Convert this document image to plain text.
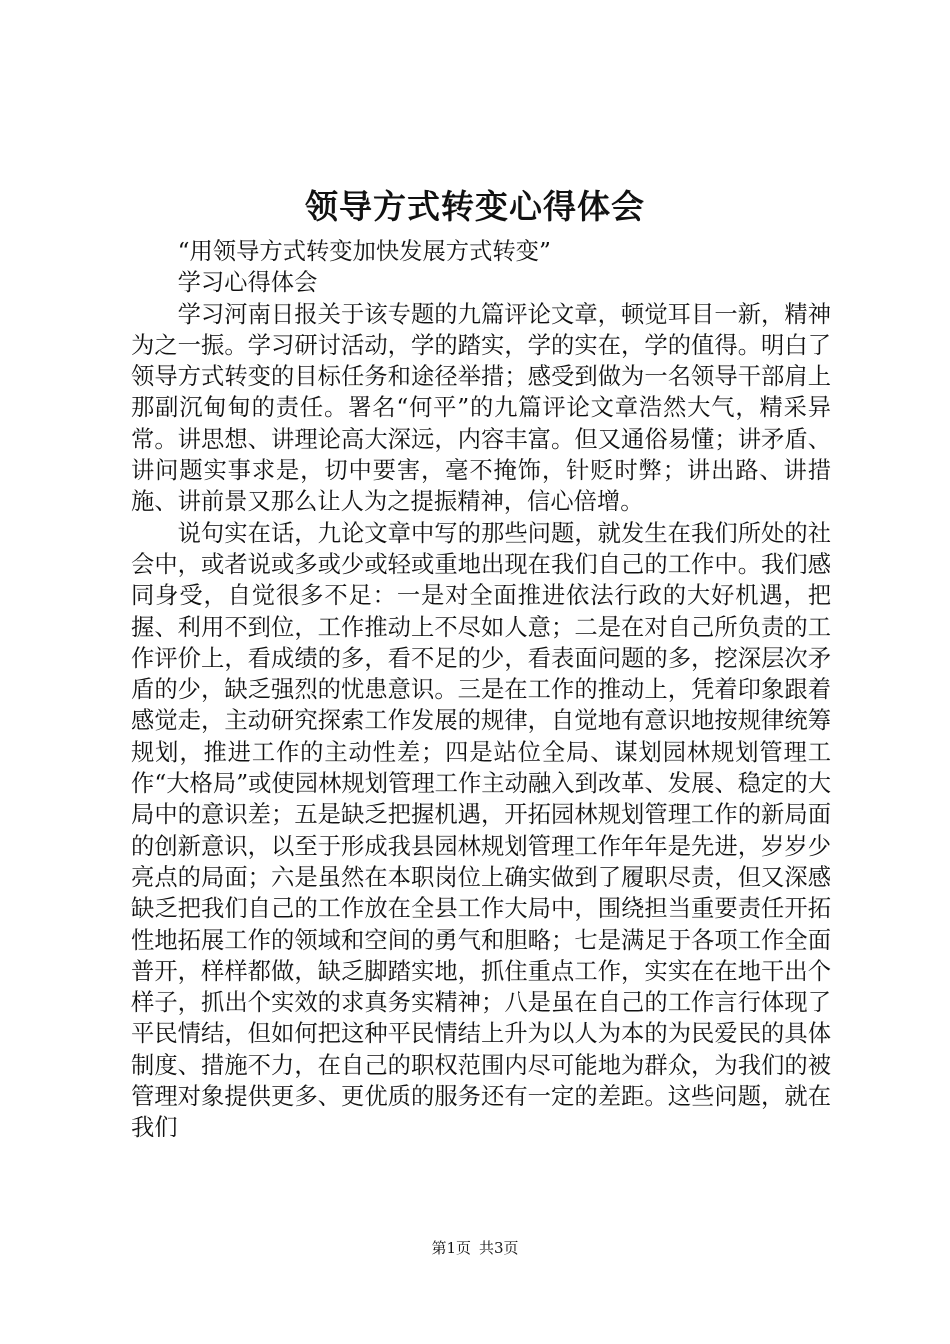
领导方式转变心得体会

“用领导方式转变加快发展方式转变”

学习心得体会

学习河南日报关于该专题的九篇评论文章，顿觉耳目一新，精神为之一振。学习研讨活动，学的踏实，学的实在，学的值得。明白了领导方式转变的目标任务和途径举措；感受到做为一名领导干部肩上那副沉甸甸的责任。署名“何平”的九篇评论文章浩然大气，精采异常。讲思想、讲理论高大深远，内容丰富。但又通俗易懂；讲矛盾、讲问题实事求是，切中要害，毫不掩饰，针贬时弊；讲出路、讲措施、讲前景又那么让人为之提振精神，信心倍增。

说句实在话，九论文章中写的那些问题，就发生在我们所处的社会中，或者说或多或少或轻或重地出现在我们自己的工作中。我们感同身受，自觉很多不足：一是对全面推进依法行政的大好机遇，把握、利用不到位，工作推动上不尽如人意；二是在对自己所负责的工作评价上，看成绩的多，看不足的少，看表面问题的多，挖深层次矛盾的少，缺乏强烈的忧患意识。三是在工作的推动上，凭着印象跟着感觉走，主动研究探索工作发展的规律，自觉地有意识地按规律统筹规划，推进工作的主动性差；四是站位全局、谋划园林规划管理工作“大格局”或使园林规划管理工作主动融入到改革、发展、稳定的大局中的意识差；五是缺乏把握机遇，开拓园林规划管理工作的新局面的创新意识，以至于形成我县园林规划管理工作年年是先进，岁岁少亮点的局面；六是虽然在本职岗位上确实做到了履职尽责，但又深感缺乏把我们自己的工作放在全县工作大局中，围绕担当重要责任开拓性地拓展工作的领域和空间的勇气和胆略；七是满足于各项工作全面普开，样样都做，缺乏脚踏实地，抓住重点工作，实实在在地干出个样子，抓出个实效的求真务实精神；八是虽在自己的工作言行体现了平民情结，但如何把这种平民情结上升为以人为本的为民爱民的具体制度、措施不力，在自己的职权范围内尽可能地为群众，为我们的被管理对象提供更多、更优质的服务还有一定的差距。这些问题，就在我们

第1页 共3页
